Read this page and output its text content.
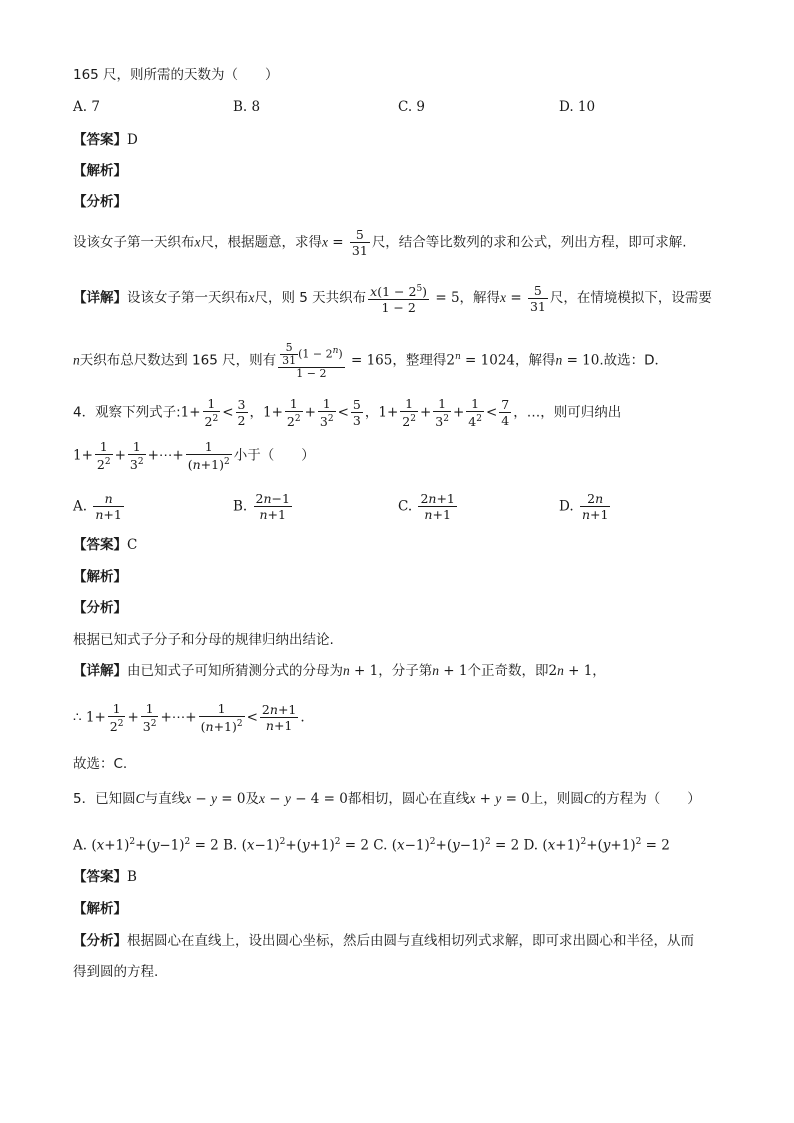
165 尺，则所需的天数为（　　）
A. 7	B. 8	C. 9	D. 10
【答案】D
【解析】
【分析】
设该女子第一天织布x尺，根据题意，求得$x = \frac{5}{31}$ 尺，结合等比数列的求和公式，列出方程，即可求解.
【详解】设该女子第一天织布x尺，则 5 天共织布 $\frac{x(1 - 2^5)}{1 - 2} = 5$，解得$x = \frac{5}{31}$ 尺，在情境模拟下，设需要
n天织布总尺数达到 165 尺，则有 $\frac{\frac{5}{31} (1 - 2^n)}{1 - 2} = 165$，整理得$2^n = 1024$，解得n = 10.故选：D．
4．观察下列式子:1+ $\frac{1}{2^2} < \frac{3}{2}$ ，$1+ \frac{1}{2^2} + \frac{1}{3^2} < \frac{5}{3}$ ，$1+ \frac{1}{2^2} + \frac{1}{3^2} + \frac{1}{4^2} < \frac{7}{4}$ ，…，则可归纳出
$1+ \frac{1}{2^2} + \frac{1}{3^2}$ +⋯+ $\frac{1}{(n+1)^2}$ 小于（　　）
A. $\frac{n}{n+1}$	B. $\frac{2n-1}{n+1}$	C. $\frac{2n+1}{n+1}$	D. $\frac{2n}{n+1}$
【答案】C
【解析】
【分析】
根据已知式子分子和分母的规律归纳出结论.
【详解】由已知式子可知所猜测分式的分母为n + 1，分子第n + 1个正奇数，即2n + 1，
∴ $1+ \frac{1}{2^2} + \frac{1}{3^2}$ +⋯+ $\frac{1}{(n+1)^2} < \frac{2n+1}{n+1}$ .
故选：C.
5．已知圆C与直线x − y = 0及x − y − 4 = 0都相切，圆心在直线x + y = 0上，则圆C的方程为（　　）
A. $(x+1)^2+(y-1)^2 = 2$ B. $(x-1)^2+(y+1)^2 = 2$ C. $(x-1)^2+(y-1)^2 = 2$ D. $(x+1)^2+(y+1)^2 = 2$
【答案】B
【解析】
【分析】根据圆心在直线上，设出圆心坐标，然后由圆与直线相切列式求解，即可求出圆心和半径，从而
得到圆的方程.
